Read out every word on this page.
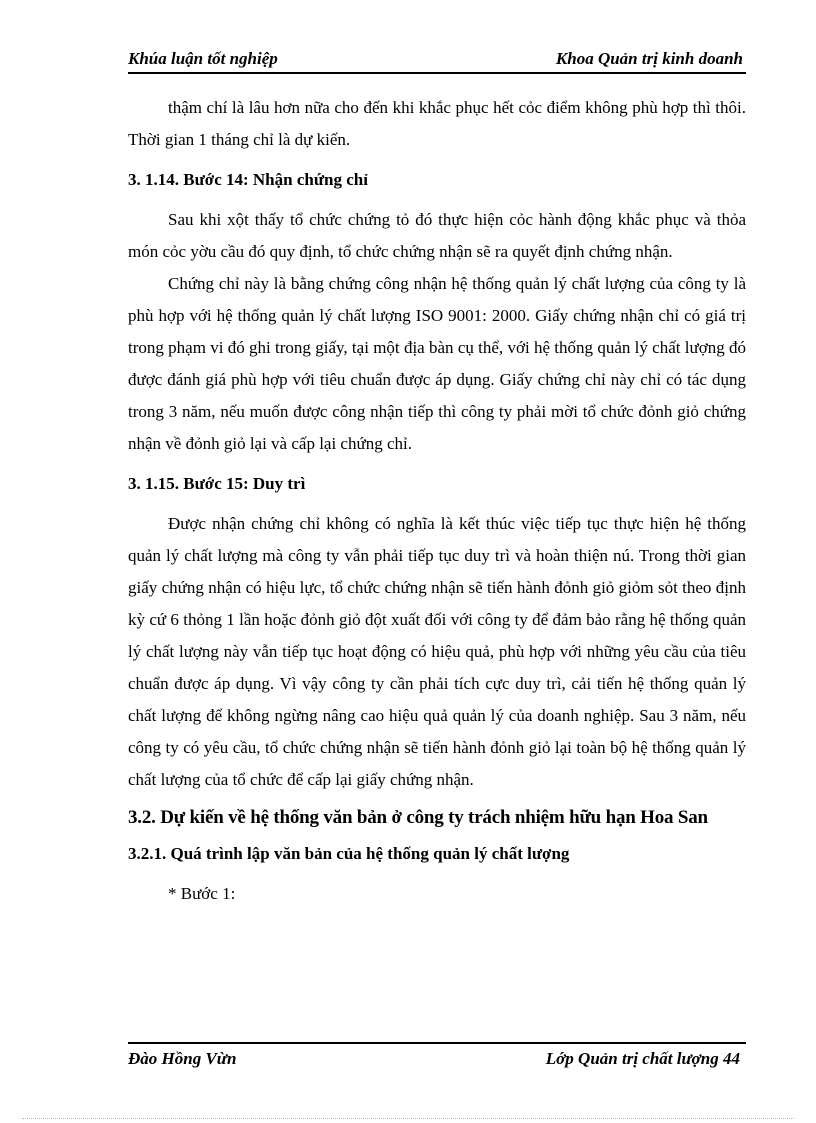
Khúa luận tốt nghiệp	Khoa Quản trị kinh doanh

thậm chí là lâu hơn nữa cho đến khi khắc phục hết cỏc điểm không phù hợp thì thôi. Thời gian 1 tháng chỉ là dự kiến.

3. 1.14. Bước 14: Nhận chứng chỉ

Sau khi xột thấy tổ chức chứng tỏ đó thực hiện cỏc hành động khắc phục và thỏa món cỏc yờu cầu đó quy định, tổ chức chứng nhận sẽ ra quyết định chứng nhận.

Chứng chỉ này là bằng chứng công nhận hệ thống quản lý chất lượng của công ty là phù hợp với hệ thống quản lý chất lượng ISO 9001: 2000. Giấy chứng nhận chỉ có giá trị trong phạm vi đó ghi trong giấy, tại một địa bàn cụ thể, với hệ thống quản lý chất lượng đó được đánh giá phù hợp với tiêu chuẩn được áp dụng. Giấy chứng chỉ này chỉ có tác dụng trong 3 năm, nếu muốn được công nhận tiếp thì công ty phải mời tổ chức đỏnh giỏ chứng nhận về đỏnh giỏ lại và cấp lại chứng chỉ.

3. 1.15. Bước 15: Duy trì

Được nhận chứng chỉ không có nghĩa là kết thúc việc tiếp tục thực hiện hệ thống quản lý chất lượng mà công ty vẫn phải tiếp tục duy trì và hoàn thiện nú. Trong thời gian giấy chứng nhận có hiệu lực, tổ chức chứng nhận sẽ tiến hành đỏnh giỏ giỏm sỏt theo định kỳ cứ 6 thỏng 1 lần hoặc đỏnh giỏ đột xuất đối với công ty để đảm bảo rằng hệ thống quản lý chất lượng này vẫn tiếp tục hoạt động có hiệu quả, phù hợp với những yêu cầu của tiêu chuẩn được áp dụng. Vì vậy công ty cần phải tích cực duy trì, cải tiến hệ thống quản lý chất lượng để không ngừng nâng cao hiệu quả quản lý của doanh nghiệp. Sau 3 năm, nếu công ty có yêu cầu, tổ chức chứng nhận sẽ tiến hành đỏnh giỏ lại toàn bộ hệ thống quản lý chất lượng của tổ chức để cấp lại giấy chứng nhận.

3.2. Dự kiến về hệ thống văn bản ở công ty trách nhiệm hữu hạn Hoa San
3.2.1. Quá trình lập văn bản của hệ thống quản lý chất lượng

* Bước 1:

Đào Hồng Vừn	Lớp Quản trị chất lượng 44
